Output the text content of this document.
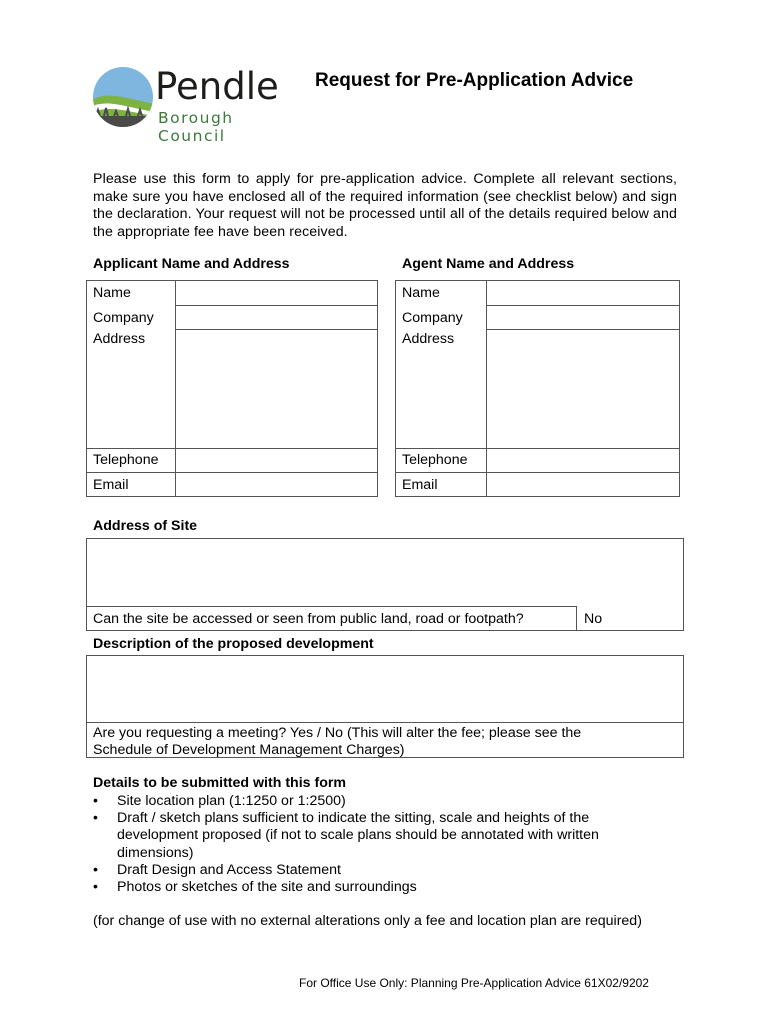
Pendle
Borough Council
Request for Pre-Application Advice
Please use this form to apply for pre-application advice. Complete all relevant sections, make sure you have enclosed all of the required information (see checklist below) and sign the declaration. Your request will not be processed until all of the details required below and the appropriate fee have been received.
Applicant Name and Address	Agent Name and Address
Name
Company
Address
Telephone
Email
Name
Company
Address
Telephone
Email
Address of Site
Can the site be accessed or seen from public land, road or footpath?	No
Description of the proposed development
Are you requesting a meeting? Yes / No (This will alter the fee; please see the
Schedule of Development Management Charges)
Details to be submitted with this form
• Site location plan (1:1250 or 1:2500)
• Draft / sketch plans sufficient to indicate the sitting, scale and heights of the development proposed (if not to scale plans should be annotated with written dimensions)
• Draft Design and Access Statement
• Photos or sketches of the site and surroundings
(for change of use with no external alterations only a fee and location plan are required)
For Office Use Only: Planning Pre-Application Advice 61X02/9202
